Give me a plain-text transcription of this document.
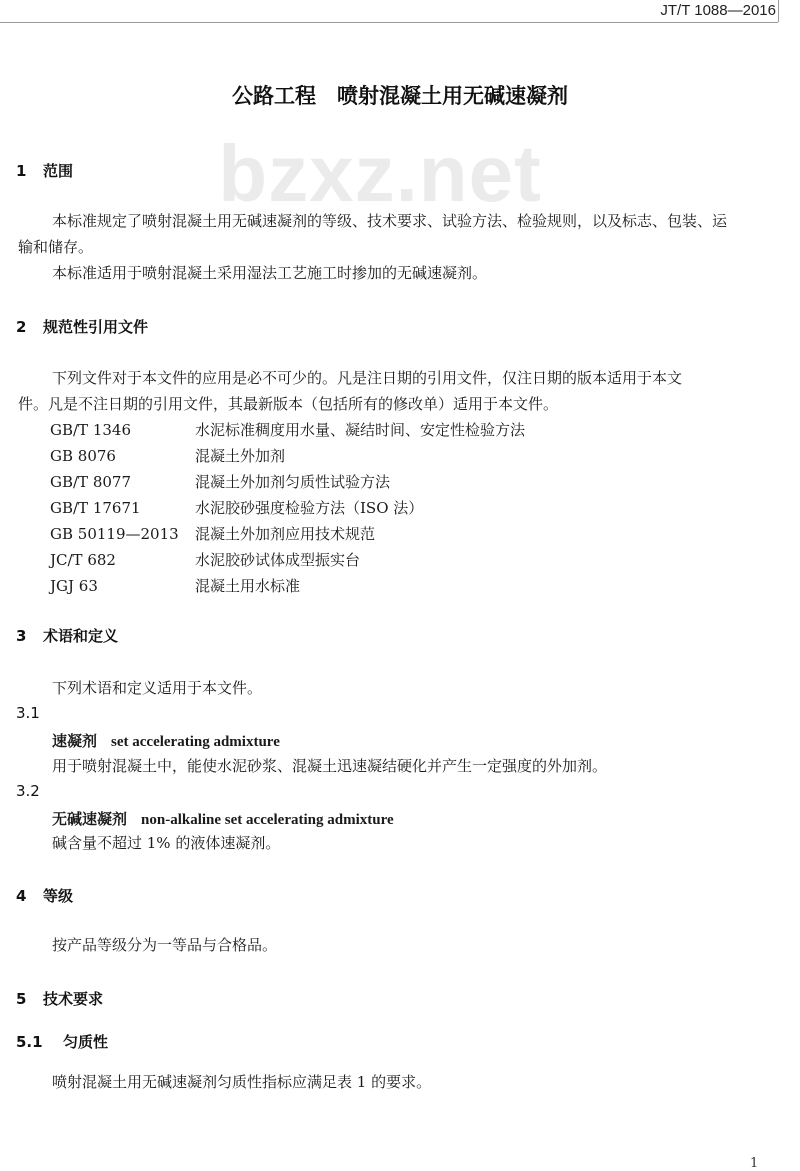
JT/T 1088—2016
bzxz.net
公路工程　喷射混凝土用无碱速凝剂
1 范围
本标准规定了喷射混凝土用无碱速凝剂的等级、技术要求、试验方法、检验规则，以及标志、包装、运
输和储存。
本标准适用于喷射混凝土采用湿法工艺施工时掺加的无碱速凝剂。
2 规范性引用文件
下列文件对于本文件的应用是必不可少的。凡是注日期的引用文件，仅注日期的版本适用于本文
件。凡是不注日期的引用文件，其最新版本（包括所有的修改单）适用于本文件。
GB/T 1346	水泥标准稠度用水量、凝结时间、安定性检验方法
GB 8076	混凝土外加剂
GB/T 8077	混凝土外加剂匀质性试验方法
GB/T 17671	水泥胶砂强度检验方法（ISO 法）
GB 50119—2013 混凝土外加剂应用技术规范
JC/T 682	水泥胶砂试体成型振实台
JGJ 63	混凝土用水标准
3 术语和定义
下列术语和定义适用于本文件。
3.1
速凝剂 set accelerating admixture
用于喷射混凝土中，能使水泥砂浆、混凝土迅速凝结硬化并产生一定强度的外加剂。
3.2
无碱速凝剂 non-alkaline set accelerating admixture
碱含量不超过 1% 的液体速凝剂。
4 等级
按产品等级分为一等品与合格品。
5 技术要求
5.1 匀质性
喷射混凝土用无碱速凝剂匀质性指标应满足表 1 的要求。
1
